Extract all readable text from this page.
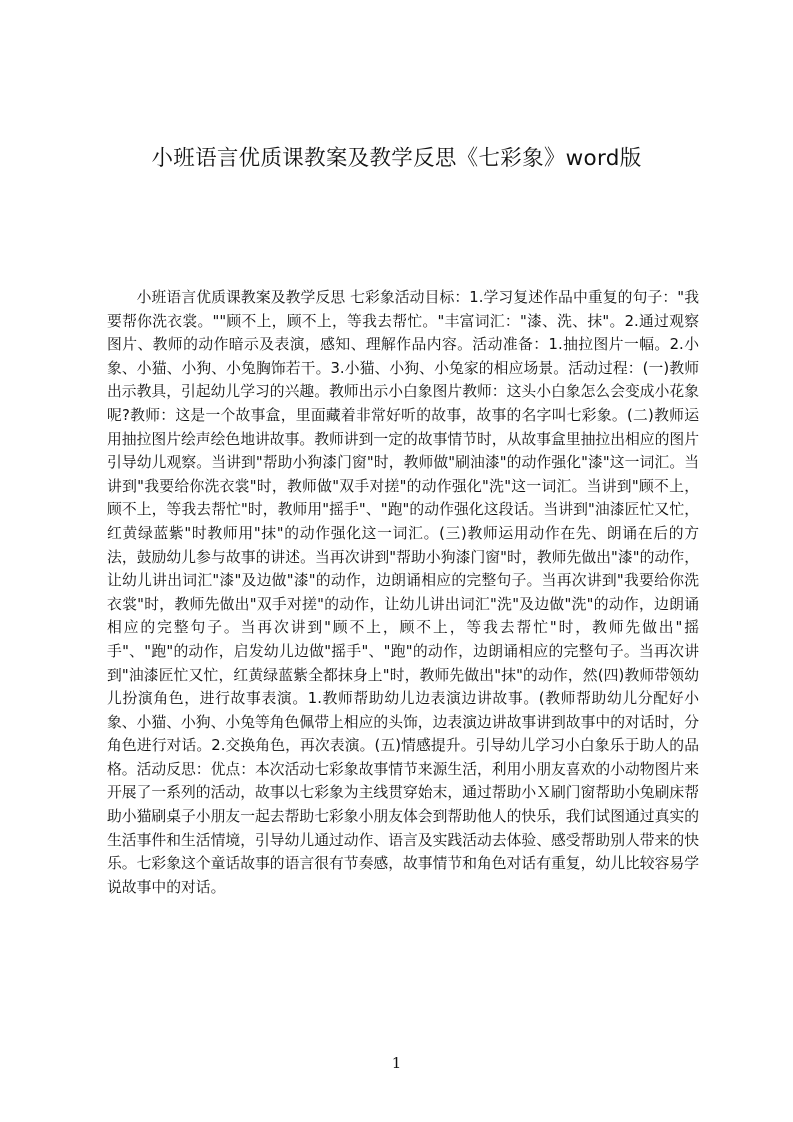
小班语言优质课教案及教学反思《七彩象》word版

小班语言优质课教案及教学反思 七彩象活动目标：1.学习复述作品中重复的句子："我要帮你洗衣裳。""顾不上，顾不上，等我去帮忙。"丰富词汇："漆、洗、抹"。2.通过观察图片、教师的动作暗示及表演，感知、理解作品内容。活动准备：1.抽拉图片一幅。2.小象、小猫、小狗、小兔胸饰若干。3.小猫、小狗、小兔家的相应场景。活动过程：(一)教师出示教具，引起幼儿学习的兴趣。教师出示小白象图片教师：这头小白象怎么会变成小花象呢?教师：这是一个故事盒，里面藏着非常好听的故事，故事的名字叫七彩象。(二)教师运用抽拉图片绘声绘色地讲故事。教师讲到一定的故事情节时，从故事盒里抽拉出相应的图片引导幼儿观察。当讲到"帮助小狗漆门窗"时，教师做"刷油漆"的动作强化"漆"这一词汇。当讲到"我要给你洗衣裳"时，教师做"双手对搓"的动作强化"洗"这一词汇。当讲到"顾不上，顾不上，等我去帮忙"时，教师用"摇手"、"跑"的动作强化这段话。当讲到"油漆匠忙又忙，红黄绿蓝紫"时教师用"抹"的动作强化这一词汇。(三)教师运用动作在先、朗诵在后的方法，鼓励幼儿参与故事的讲述。当再次讲到"帮助小狗漆门窗"时，教师先做出"漆"的动作，让幼儿讲出词汇"漆"及边做"漆"的动作，边朗诵相应的完整句子。当再次讲到"我要给你洗衣裳"时，教师先做出"双手对搓"的动作，让幼儿讲出词汇"洗"及边做"洗"的动作，边朗诵相应的完整句子。当再次讲到"顾不上，顾不上，等我去帮忙"时，教师先做出"摇手"、"跑"的动作，启发幼儿边做"摇手"、"跑"的动作，边朗诵相应的完整句子。当再次讲到"油漆匠忙又忙，红黄绿蓝紫全都抹身上"时，教师先做出"抹"的动作，然(四)教师带领幼儿扮演角色，进行故事表演。1.教师帮助幼儿边表演边讲故事。(教师帮助幼儿分配好小象、小猫、小狗、小兔等角色佩带上相应的头饰，边表演边讲故事讲到故事中的对话时，分角色进行对话。2.交换角色，再次表演。(五)情感提升。引导幼儿学习小白象乐于助人的品格。活动反思：优点：本次活动七彩象故事情节来源生活，利用小朋友喜欢的小动物图片来开展了一系列的活动，故事以七彩象为主线贯穿始末，通过帮助小Ｘ刷门窗帮助小兔刷床帮助小猫刷桌子小朋友一起去帮助七彩象小朋友体会到帮助他人的快乐，我们试图通过真实的生活事件和生活情境，引导幼儿通过动作、语言及实践活动去体验、感受帮助别人带来的快乐。七彩象这个童话故事的语言很有节奏感，故事情节和角色对话有重复，幼儿比较容易学说故事中的对话。

1
